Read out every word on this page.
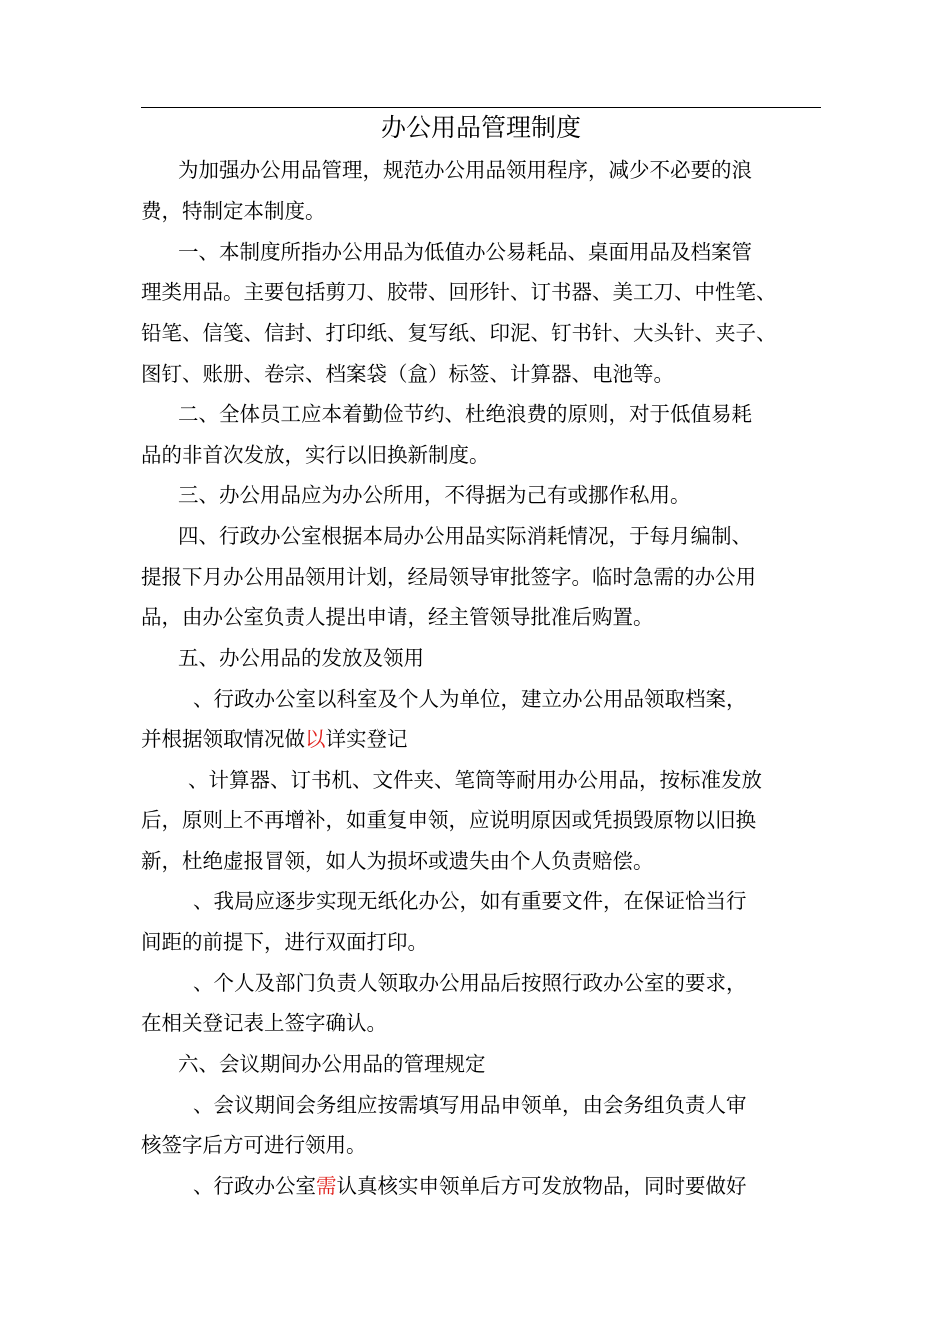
办公用品管理制度

为加强办公用品管理，规范办公用品领用程序，减少不必要的浪

费，特制定本制度。

一、本制度所指办公用品为低值办公易耗品、桌面用品及档案管

理类用品。主要包括剪刀、胶带、回形针、订书器、美工刀、中性笔、

铅笔、信笺、信封、打印纸、复写纸、印泥、钉书针、大头针、夹子、

图钉、账册、卷宗、档案袋（盒）标签、计算器、电池等。

二、全体员工应本着勤俭节约、杜绝浪费的原则，对于低值易耗

品的非首次发放，实行以旧换新制度。

三、办公用品应为办公所用，不得据为己有或挪作私用。

四、行政办公室根据本局办公用品实际消耗情况，于每月编制、

提报下月办公用品领用计划，经局领导审批签字。临时急需的办公用

品，由办公室负责人提出申请，经主管领导批准后购置。

五、办公用品的发放及领用

、行政办公室以科室及个人为单位，建立办公用品领取档案，

并根据领取情况做以详实登记

、计算器、订书机、文件夹、笔筒等耐用办公用品，按标准发放

后，原则上不再增补，如重复申领，应说明原因或凭损毁原物以旧换

新，杜绝虚报冒领，如人为损坏或遗失由个人负责赔偿。

、我局应逐步实现无纸化办公，如有重要文件，在保证恰当行

间距的前提下，进行双面打印。

、个人及部门负责人领取办公用品后按照行政办公室的要求，

在相关登记表上签字确认。

六、会议期间办公用品的管理规定

、会议期间会务组应按需填写用品申领单，由会务组负责人审

核签字后方可进行领用。

、行政办公室需认真核实申领单后方可发放物品，同时要做好
